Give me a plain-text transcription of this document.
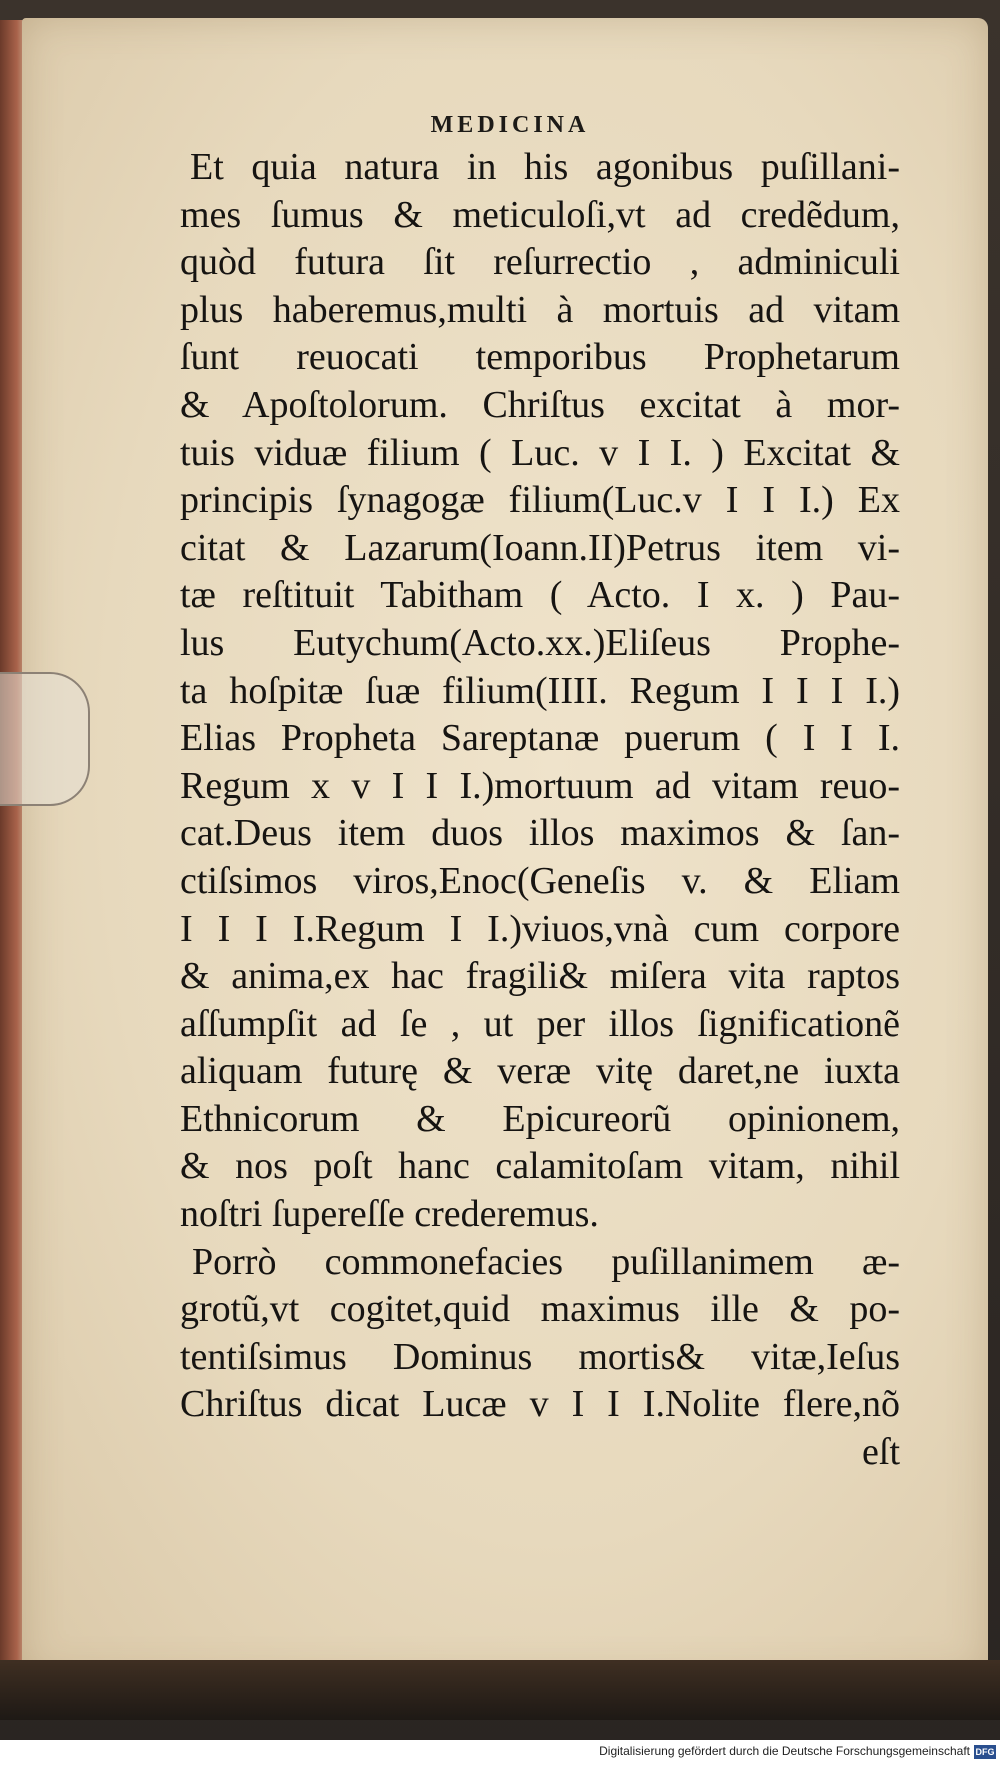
MEDICINA
Et quia natura in his agonibus puſillani-
mes ſumus & meticuloſi,vt ad credẽdum,
quòd futura ſit reſurrectio , adminiculi
plus haberemus,multi à mortuis ad vitam
ſunt reuocati temporibus Prophetarum
& Apoſtolorum. Chriſtus excitat à mor-
tuis viduæ filium ( Luc. v I I. ) Excitat &
principis ſynagogæ filium(Luc.v I I I.) Ex
citat & Lazarum(Ioann.II)Petrus item vi-
tæ reſtituit Tabitham ( Acto. I x. ) Pau-
lus Eutychum(Acto.xx.)Eliſeus Prophe-
ta hoſpitæ ſuæ filium(IIII. Regum I I I I.)
Elias Propheta Sareptanæ puerum ( I I I.
Regum x v I I I.)mortuum ad vitam reuo-
cat.Deus item duos illos maximos & ſan-
ctiſsimos viros,Enoc(Geneſis v. & Eliam
I I I I.Regum I I.)viuos,vnà cum corpore
& anima,ex hac fragili& miſera vita raptos
aſſumpſit ad ſe , ut per illos ſignificationẽ
aliquam futurę & veræ vitę daret,ne iuxta
Ethnicorum & Epicureorũ opinionem,
& nos poſt hanc calamitoſam vitam, nihil
noſtri ſupereſſe crederemus.
Porrò commonefacies puſillanimem æ-
grotũ,vt cogitet,quid maximus ille & po-
tentiſsimus Dominus mortis& vitæ,Ieſus
Chriſtus dicat Lucæ v I I I.Nolite flere,nõ
eſt
Digitalisierung gefördert durch die Deutsche Forschungsgemeinschaft DFG
